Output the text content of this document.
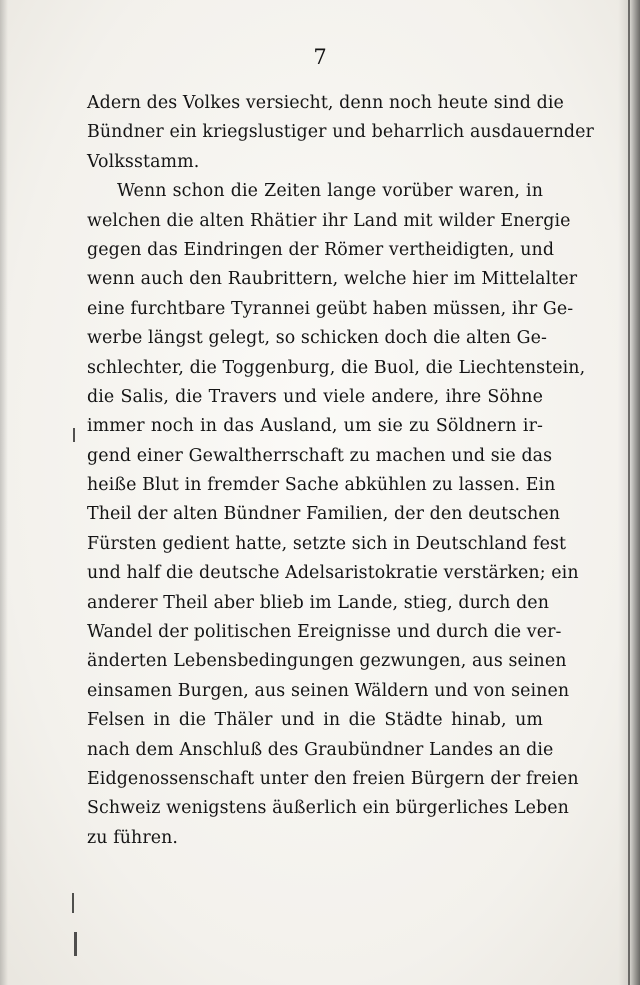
7
Adern des Volkes versiecht, denn noch heute sind die
Bündner ein kriegslustiger und beharrlich ausdauernder
Volksstamm.
Wenn schon die Zeiten lange vorüber waren, in
welchen die alten Rhätier ihr Land mit wilder Energie
gegen das Eindringen der Römer vertheidigten, und
wenn auch den Raubrittern, welche hier im Mittelalter
eine furchtbare Tyrannei geübt haben müssen, ihr Ge-
werbe längst gelegt, so schicken doch die alten Ge-
schlechter, die Toggenburg, die Buol, die Liechtenstein,
die Salis, die Travers und viele andere, ihre Söhne
immer noch in das Ausland, um sie zu Söldnern ir-
gend einer Gewaltherrschaft zu machen und sie das
heiße Blut in fremder Sache abkühlen zu lassen. Ein
Theil der alten Bündner Familien, der den deutschen
Fürsten gedient hatte, setzte sich in Deutschland fest
und half die deutsche Adelsaristokratie verstärken; ein
anderer Theil aber blieb im Lande, stieg, durch den
Wandel der politischen Ereignisse und durch die ver-
änderten Lebensbedingungen gezwungen, aus seinen
einsamen Burgen, aus seinen Wäldern und von seinen
Felsen in die Thäler und in die Städte hinab, um
nach dem Anschluß des Graubündner Landes an die
Eidgenossenschaft unter den freien Bürgern der freien
Schweiz wenigstens äußerlich ein bürgerliches Leben
zu führen.
